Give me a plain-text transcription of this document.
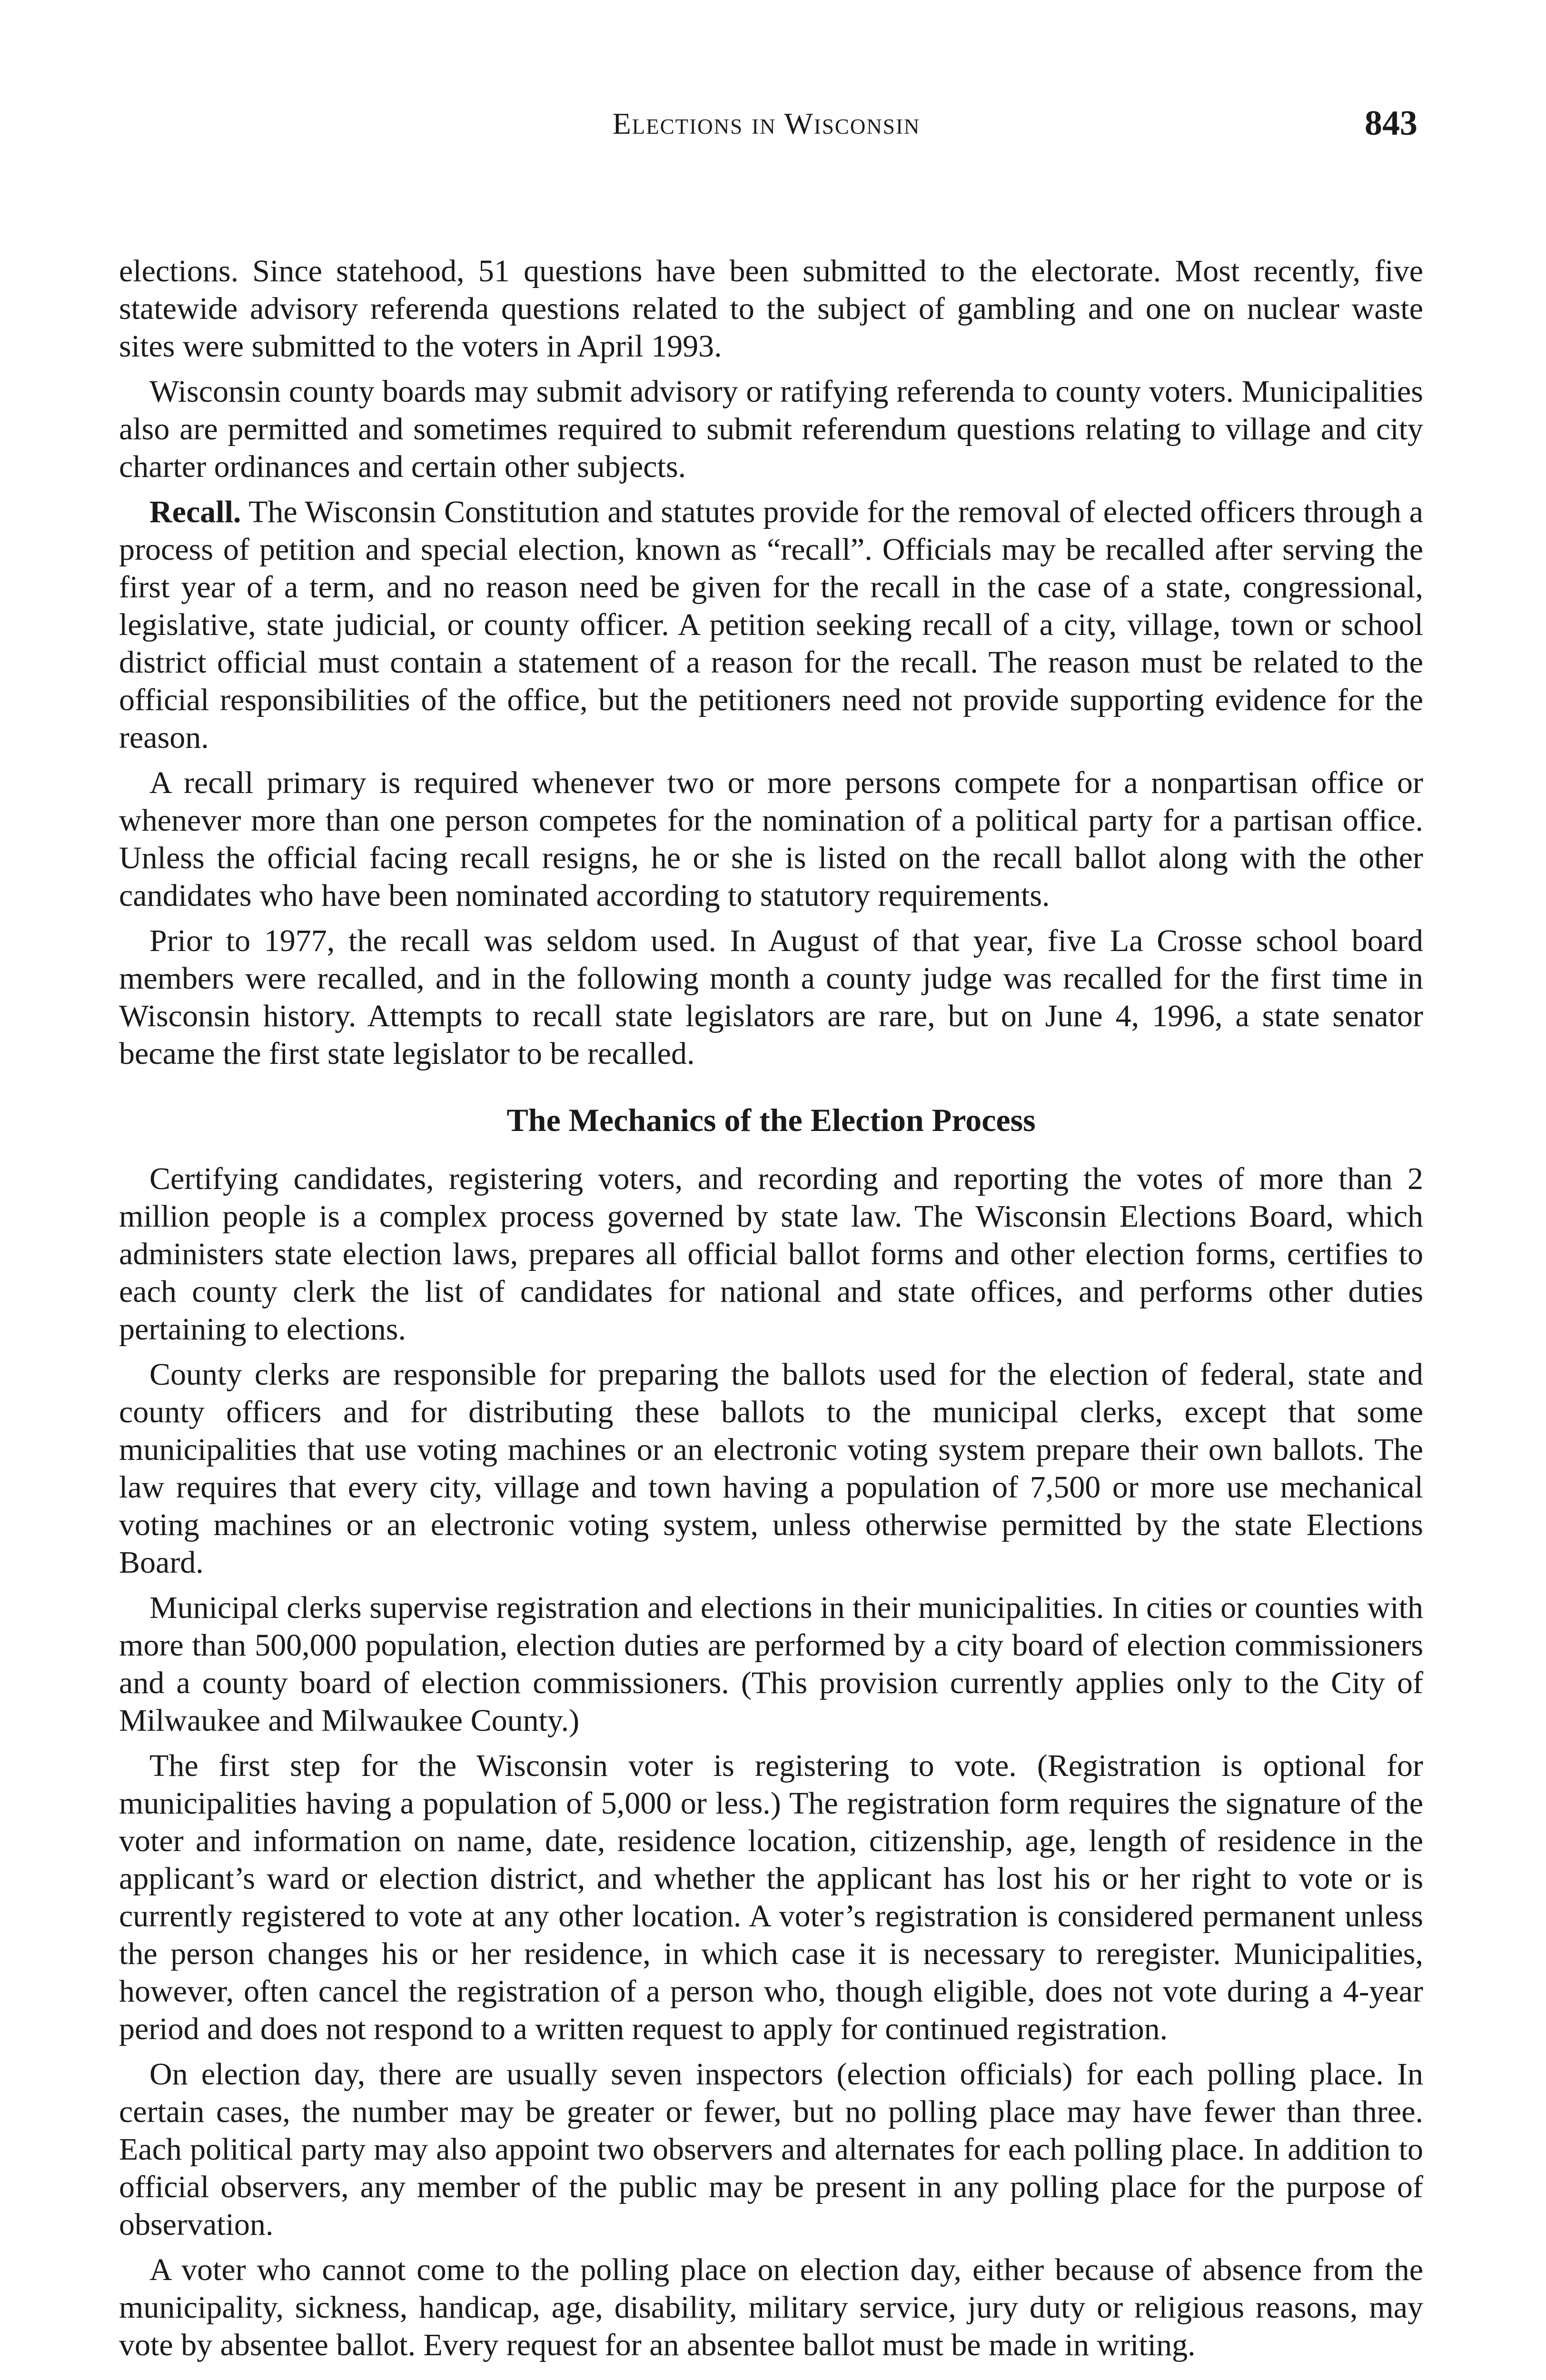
Elections in Wisconsin	843

elections. Since statehood, 51 questions have been submitted to the electorate. Most recently, five statewide advisory referenda questions related to the subject of gambling and one on nuclear waste sites were submitted to the voters in April 1993.

Wisconsin county boards may submit advisory or ratifying referenda to county voters. Municipalities also are permitted and sometimes required to submit referendum questions relating to village and city charter ordinances and certain other subjects.

Recall. The Wisconsin Constitution and statutes provide for the removal of elected officers through a process of petition and special election, known as “recall”. Officials may be recalled after serving the first year of a term, and no reason need be given for the recall in the case of a state, congressional, legislative, state judicial, or county officer. A petition seeking recall of a city, village, town or school district official must contain a statement of a reason for the recall. The reason must be related to the official responsibilities of the office, but the petitioners need not provide supporting evidence for the reason.

A recall primary is required whenever two or more persons compete for a nonpartisan office or whenever more than one person competes for the nomination of a political party for a partisan office. Unless the official facing recall resigns, he or she is listed on the recall ballot along with the other candidates who have been nominated according to statutory requirements.

Prior to 1977, the recall was seldom used. In August of that year, five La Crosse school board members were recalled, and in the following month a county judge was recalled for the first time in Wisconsin history. Attempts to recall state legislators are rare, but on June 4, 1996, a state senator became the first state legislator to be recalled.

The Mechanics of the Election Process

Certifying candidates, registering voters, and recording and reporting the votes of more than 2 million people is a complex process governed by state law. The Wisconsin Elections Board, which administers state election laws, prepares all official ballot forms and other election forms, certifies to each county clerk the list of candidates for national and state offices, and performs other duties pertaining to elections.

County clerks are responsible for preparing the ballots used for the election of federal, state and county officers and for distributing these ballots to the municipal clerks, except that some municipalities that use voting machines or an electronic voting system prepare their own ballots. The law requires that every city, village and town having a population of 7,500 or more use mechanical voting machines or an electronic voting system, unless otherwise permitted by the state Elections Board.

Municipal clerks supervise registration and elections in their municipalities. In cities or counties with more than 500,000 population, election duties are performed by a city board of election commissioners and a county board of election commissioners. (This provision currently applies only to the City of Milwaukee and Milwaukee County.)

The first step for the Wisconsin voter is registering to vote. (Registration is optional for municipalities having a population of 5,000 or less.) The registration form requires the signature of the voter and information on name, date, residence location, citizenship, age, length of residence in the applicant’s ward or election district, and whether the applicant has lost his or her right to vote or is currently registered to vote at any other location. A voter’s registration is considered permanent unless the person changes his or her residence, in which case it is necessary to reregister. Municipalities, however, often cancel the registration of a person who, though eligible, does not vote during a 4-year period and does not respond to a written request to apply for continued registration.

On election day, there are usually seven inspectors (election officials) for each polling place. In certain cases, the number may be greater or fewer, but no polling place may have fewer than three. Each political party may also appoint two observers and alternates for each polling place. In addition to official observers, any member of the public may be present in any polling place for the purpose of observation.

A voter who cannot come to the polling place on election day, either because of absence from the municipality, sickness, handicap, age, disability, military service, jury duty or religious reasons, may vote by absentee ballot. Every request for an absentee ballot must be made in writing.
